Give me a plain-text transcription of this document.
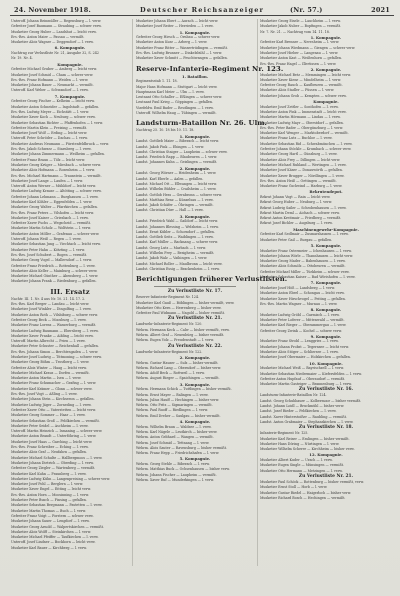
24. November 1918.	Deutscher Reichsanzeiger	(Nr. 57.)	2021
Unteroff. Johann Reinmüller — Regensburg — l. verw.
Gefreiter Josef Baumann — Straubing — schwer verw.
Musketier Georg Huber — Landshut — leicht verw.
Ers.-Res. Anton Maier — Passau — vermißt.
Musketier Alois Wagner — Deggendorf — l. verw.
6. Kompagnie.
Nachtrag zur Verlustliste Nr. 21, Ausgabe 32, S. 242
Nr. 19. Nr. 4.
Kompagnie.
Gefreiter Michael Gruber — Amberg — leicht verw.
Musketier Josef Schmid — Cham — schwer verw.
Ers.-Res. Franz Hofmann — Weiden — l. verw.
Musketier Johann Bauer — Neumarkt — vermißt.
Unteroff. Karl Weber — Schwandorf — l. verw.
7. Kompagnie.
Gefreiter Georg Fischer — Kelheim — leicht verw.
Musketier Anton Schneider — Ingolstadt — gefallen.
Ers.-Res. Ludwig Meyer — Eichstätt — l. verw.
Musketier Xaver Koch — Neuburg — schwer verw.
Musketier Sebastian Richter — Pfaffenhofen — l. verw.
Gefreiter Martin Klein — Freising — vermißt.
Musketier Josef Wolf — Erding — leicht verw.
Unteroff. Peter Schröder — Dachau — l. verw.
Musketier Andreas Neumann — Fürstenfeldbruck — verw.
Ers.-Res. Jakob Schwarz — Starnberg — l. verw.
Musketier Johann Zimmermann — Weilheim — gefallen.
Gefreiter Franz Braun — Tölz — leicht verw.
Musketier Georg Krüger — Miesbach — schwer verw.
Musketier Alois Hofmann — Rosenheim — l. verw.
Ers.-Res. Michael Hartmann — Traunstein — vermißt.
Musketier Josef Lange — Laufen — l. verw.
Unteroff. Anton Werner — Mühldorf — leicht verw.
Musketier Ludwig Krause — Altötting — schwer verw.
Gefreiter Johann Lehmann — Burghausen — l. verw.
Musketier Karl Köhler — Eggenfelden — l. verw.
Musketier Georg Walter — Pfarrkirchen — gefallen.
Ers.-Res. Franz Peters — Vilshofen — leicht verw.
Musketier Josef Kaiser — Griesbach — l. verw.
Gefreiter Xaver Fuchs — Wegscheid — vermißt.
Musketier Martin Scholz — Wolfstein — l. verw.
Musketier Anton Möller — Grafenau — schwer verw.
Unteroff. Johann Weiß — Regen — l. verw.
Musketier Sebastian Jung — Viechtach — leicht verw.
Musketier Peter Hahn — Kötzting — l. verw.
Ers.-Res. Josef Schubert — Bogen — vermißt.
Musketier Georg Vogel — Mallersdorf — l. verw.
Gefreiter Franz Friedrich — Rottenburg — l. verw.
Musketier Alois Keller — Mainburg — schwer verw.
Musketier Michael Günther — Abensberg — l. verw.
Musketier Johann Frank — Riedenburg — gefallen.
III. Ersatz
Nachtr. III. 1. Nr. 4 aus Nr. 10. 21. 14. 17. 2.
Ers.-Res. Karl Berger — Landau — leicht verw.
Musketier Josef Winkler — Dingolfing — l. verw.
Musketier Anton Roth — Vilsbiburg — schwer verw.
Gefreiter Georg Beck — Moosburg — l. verw.
Musketier Franz Lorenz — Wasserburg — vermißt.
Musketier Ludwig Baumann — Ebersberg — l. verw.
Musketier Xaver Franke — Aibling — leicht verw.
Unteroff. Martin Albrecht — Prien — l. verw.
Musketier Peter Schuster — Reichenhall — gefallen.
Ers.-Res. Johann Simon — Berchtesgaden — l. verw.
Musketier Josef Ludwig — Tittmoning — schwer verw.
Musketier Georg Böhm — Trostberg — l. verw.
Gefreiter Alois Winter — Haag — leicht verw.
Musketier Michael Kraus — Dorfen — vermißt.
Musketier Anton Martin — Isen — l. verw.
Musketier Franz Schumacher — Grafing — l. verw.
Musketier Karl Krämer — Glonn — schwer verw.
Ers.-Res. Josef Vogt — Aßling — l. verw.
Musketier Johann Stein — Kirchseeon — gefallen.
Musketier Ludwig Jäger — Zorneding — l. verw.
Gefreiter Xaver Otto — Vaterstetten — leicht verw.
Musketier Georg Sommer — Haar — l. verw.
Musketier Sebastian Groß — Feldkirchen — vermißt.
Musketier Peter Seidel — Aschheim — l. verw.
Unteroff. Martin Heinrich — Ismaning — schwer verw.
Musketier Anton Brandt — Unterföhring — l. verw.
Musketier Josef Haas — Garching — leicht verw.
Ers.-Res. Franz Schreiber — Eching — l. verw.
Musketier Alois Graf — Neufahrn — gefallen.
Musketier Michael Schulte — Hallbergmoos — l. verw.
Musketier Johann Dietrich — Oberding — l. verw.
Gefreiter Georg Ziegler — Wartenberg — vermißt.
Musketier Karl Kuhn — Fraunberg — l. verw.
Musketier Ludwig Kühn — Langenpreising — schwer verw.
Musketier Josef Pohl — Berglern — l. verw.
Musketier Xaver Engel — Eitting — leicht verw.
Ers.-Res. Anton Horn — Moosinning — l. verw.
Musketier Peter Busch — Finsing — gefallen.
Musketier Sebastian Bergmann — Pastetten — l. verw.
Musketier Martin Thomas — Buch — l. verw.
Gefreiter Franz Voigt — Forstern — schwer verw.
Musketier Johann Sauer — Lengdorf — l. verw.
Musketier Georg Arnold — Walpertskirchen — vermißt.
Musketier Alois Wolff — Steinkirchen — l. verw.
Musketier Michael Pfeiffer — Taufkirchen — l. verw.
Unteroff. Josef Lindner — Bockhorn — leicht verw.
Musketier Karl Bauer — Kirchberg — l. verw.
Musketier Johann Ebert — Aurach — leicht verw.
Musketier Josef Reiter — Herrieden — l. verw.
1. Kompagnie.
Gefreiter Georg Hirsch — Ornbau — schwer verw.
Musketier Anton Kurz — Arberg — l. verw.
Musketier Franz Ritter — Wassertrüdingen — vermißt.
Ers.-Res. Ludwig Brunner — Dinkelsbühl — l. verw.
Musketier Xaver Schmitt — Feuchtwangen — gefallen.
Reserve-Infanterie-Regiment Nr. 123.
1. Bataillon.
Regimentsstab 1. 11. 18.
Major Hans Hofmann — Stuttgart — leicht verw.
Hauptmann Karl Meier — Ulm — l. verw.
Leutnant Otto Schaller — Eßlingen — schwer verw.
Leutnant Paul Krieg — Göppingen — gefallen.
Vizefeldw. Emil Bader — Reutlingen — l. verw.
Unteroff. Wilhelm Haug — Tübingen — vermißt.
Landsturm-Bataillon Nr. 26. Ulm.
Nachtrag 25. 10. 18 bis 10. 11. 18.
1. Kompagnie.
Landst. Gottlieb Maier — Biberach — leicht verw.
Landst. Jakob Fink — Ehingen — l. verw.
Landst. Christian Staiger — Laupheim — schwer verw.
Landst. Friedrich Rapp — Blaubeuren — l. verw.
Landst. Johannes Kuhn — Geislingen — vermißt.
2. Kompagnie.
Landst. Georg Wörner — Heidenheim — l. verw.
Landst. Karl Eberle — Aalen — gefallen.
Landst. Michael Ott — Ellwangen — leicht verw.
Landst. Wilhelm Bühler — Crailsheim — l. verw.
Landst. Gottlob Hess — Gerabronn — schwer verw.
Landst. Matthias Renz — Künzelsau — l. verw.
Landst. Jakob Schäfer — Öhringen — vermißt.
Landst. Christian Dürr — Hall — l. verw.
3. Kompagnie.
Landst. Friedrich Wahl — Gaildorf — leicht verw.
Landst. Johannes Blessing — Welzheim — l. verw.
Landst. Ernst Kübler — Schorndorf — gefallen.
Landst. Gottlieb Seitz — Waiblingen — l. verw.
Landst. Karl Müller — Backnang — schwer verw.
Landst. Georg Lutz — Marbach — l. verw.
Landst. Wilhelm Frey — Besigheim — vermißt.
Landst. Jakob Walz — Vaihingen — l. verw.
Landst. Michael Roller — Maulbronn — leicht verw.
Landst. Christian Essig — Brackenheim — l. verw.
Berichtigungen früherer Verlustlisten.
Zu Verlustliste Nr. 17.
Reserve-Infanterie-Regiment Nr. 124.
Musketier Karl Gauß — Böblingen — bisher vermißt, verw.
Musketier Otto Kern — Herrenberg — bisher verw.
Gefreiter Paul Widmann — Nagold — bisher vermißt.
Zu Verlustliste Nr. 21.
Landwehr-Infanterie-Regiment Nr. 120.
Wehrm. Hermann Keck — Calw — bisher vermißt, verw.
Wehrm. Albert Graf — Neuenbürg — bisher vermißt.
Wehrm. Eugen Volz — Freudenstadt — l. verw.
Zu Verlustliste Nr. 22.
Landwehr-Infanterie-Regiment Nr. 122.
2. Kompagnie.
Wehrm. Gustav Hauser — Sulz — bisher vermißt.
Wehrm. Richard Lang — Oberndorf — bisher verw.
Wehrm. Adolf Beck — Rottweil — l. verw.
Wehrm. August Rieger — Spaichingen — vermißt.
3. Kompagnie.
Wehrm. Hermann Schick — Tuttlingen — bisher vermißt.
Wehrm. Ernst Mayer — Balingen — l. verw.
Wehrm. Julius Hauff — Hechingen — bisher verw.
Wehrm. Otto Fritz — Sigmaringen — vermißt.
Wehrm. Paul Ruoff — Riedlingen — l. verw.
Wehrm. Emil Dreher — Saulgau — bisher vermißt.
4. Kompagnie.
Wehrm. Wilhelm Braun — Waldsee — l. verw.
Wehrm. Karl Nägele — Leutkirch — bisher verw.
Wehrm. Anton Gebhard — Wangen — vermißt.
Wehrm. Josef Schmid — Tettnang — l. verw.
Wehrm. Alois Sauter — Ravensburg — bisher vermißt.
Wehrm. Franz Hepp — Friedrichshafen — l. verw.
5. Kompagnie.
Wehrm. Georg Stehle — Biberach — l. verw.
Wehrm. Matthias Buck — Ochsenhausen — bisher verw.
Wehrm. Johann Fischer — Laupheim — vermißt.
Wehrm. Xaver Ruf — Munderkingen — l. verw.
Musketier Georg Eisele — Lauchheim — l. verw.
Musketier Jakob Nuber — Bopfingen — vermißt.
Nr. 7. Nr. 21. — Nachtrag vom 14. 11. 18.
1. Kompagnie.
Gefreiter Karl Brenner — Neresheim — l. verw.
Musketier Johann Wiedmann — Giengen — schwer verw.
Musketier Josef Hieber — Langenau — l. verw.
Musketier Anton Kast — Weißenhorn — gefallen.
Ers.-Res. Franz Hagel — Illertissen — l. verw.
2. Kompagnie.
Musketier Michael Betz — Memmingen — leicht verw.
Musketier Xaver Kiene — Mindelheim — l. verw.
Gefreiter Georg Rauch — Kaufbeuren — vermißt.
Musketier Alois Stadler — Füssen — l. verw.
Musketier Johann Grob — Kempten — schwer verw.
Kompagnie.
Musketier Josef Zettler — Sonthofen — l. verw.
Musketier Anton Fink — Immenstadt — leicht verw.
Musketier Martin Hörmann — Lindau — l. verw.
Musketier Ludwig Mayr — Oberstdorf — gefallen.
Ers.-Res. Peter Bader — Obergünzburg — l. verw.
Musketier Karl Wenger — Marktoberdorf — vermißt.
Musketier Franz Lutz — Buchloe — l. verw.
Musketier Sebastian Rid — Schwabmünchen — l. verw.
Gefreiter Johann Stöckle — Krumbach — schwer verw.
Musketier Georg Hartl — Günzburg — l. verw.
Musketier Alois Frey — Dillingen — leicht verw.
Musketier Michael Ruhland — Wertingen — l. verw.
Musketier Josef Käser — Donauwörth — gefallen.
Musketier Xaver Brugger — Nördlingen — l. verw.
Ers.-Res. Anton Heiß — Oettingen — vermißt.
Musketier Franz Gschwind — Harburg — l. verw.
Rekrutendepot.
Rekrut Johann Vogt — Rain — leicht verw.
Rekrut Georg Huber — Neuburg — l. verw.
Rekrut Ludwig Sailer — Schrobenhausen — l. verw.
Rekrut Martin Deml — Aichach — schwer verw.
Rekrut Anton Kreitmair — Friedberg — vermißt.
Rekrut Josef Bichler — Augsburg — l. verw.
Maschinengewehr-Kompagnie.
Gefreiter Karl Sedlmair — Zusmarshausen — l. verw.
Musketier Peter Gail — Burgau — gefallen.
5. Kompagnie.
Musketier Franz Ostermeier — Ichenhausen — l. verw.
Musketier Johann Wörle — Thannhausen — leicht verw.
Musketier Georg Mader — Babenhausen — l. verw.
Musketier Alois Schmölz — Ottobeuren — vermißt.
Gefreiter Michael Miller — Türkheim — schwer verw.
Musketier Sebastian Kaiser — Bad Wörishofen — l. verw.
7. Kompagnie.
Musketier Josef Höß — Landsberg — l. verw.
Musketier Anton Eberl — Schongau — leicht verw.
Musketier Xaver Hirschvogel — Peiting — gefallen.
Ers.-Res. Martin Wagner — Murnau — l. verw.
8. Kompagnie.
Musketier Ludwig Gröbl — Garmisch — l. verw.
Musketier Peter Loferer — Mittenwald — vermißt.
Musketier Karl Rieger — Oberammergau — l. verw.
Gefreiter Georg Zwink — Kochel — schwer verw.
9. Kompagnie.
Musketier Franz Strobl — Lenggries — l. verw.
Musketier Johann Probst — Tegernsee — leicht verw.
Musketier Alois Stöger — Schliersee — l. verw.
Musketier Josef Obermaier — Holzkirchen — gefallen.
10. Kompagnie.
Musketier Michael Weiß — Bayrischzell — l. verw.
Musketier Sebastian Niedermaier — Kiefersfelden — l. verw.
Gefreiter Anton Hupfauf — Oberaudorf — vermißt.
Musketier Martin Gasteiger — Brannenburg — l. verw.
Zu Verlustliste Nr. 16.
Landsturm-Infanterie-Bataillon Nr. 124.
Landst. Georg Schuhbauer — Kolbermoor — bisher vermißt.
Landst. Johann Loidl — Bruckmühl — bisher verw.
Landst. Josef Rieder — Feldkirchen — l. verw.
Landst. Xaver Hinterstoißer — Raubling — vermißt.
Landst. Anton Grabmaier — Stephanskirchen — l. verw.
Zu Verlustliste Nr. 18.
Infanterie-Regiment Nr. 125.
Musketier Karl Reiser — Esslingen — bisher vermißt.
Musketier Hans Döring — Nürtingen — l. verw.
Musketier Wilhelm Scherer — Kirchheim — bisher verw.
12. Kompagnie.
Musketier Albert Kuder — Urach — l. verw.
Musketier Eugen Single — Münsingen — vermißt.
Musketier Otto Hermann — Metzingen — l. verw.
Zu Verlustliste Nr. 21.
Musketier Paul Schöck — Rottenburg — bisher vermißt, verw.
Musketier Ernst Stoll — Horb — l. verw.
Musketier Gustav Riedel — Haigerloch — bisher verw.
Musketier Richard Bosch — Hechingen — vermißt.
